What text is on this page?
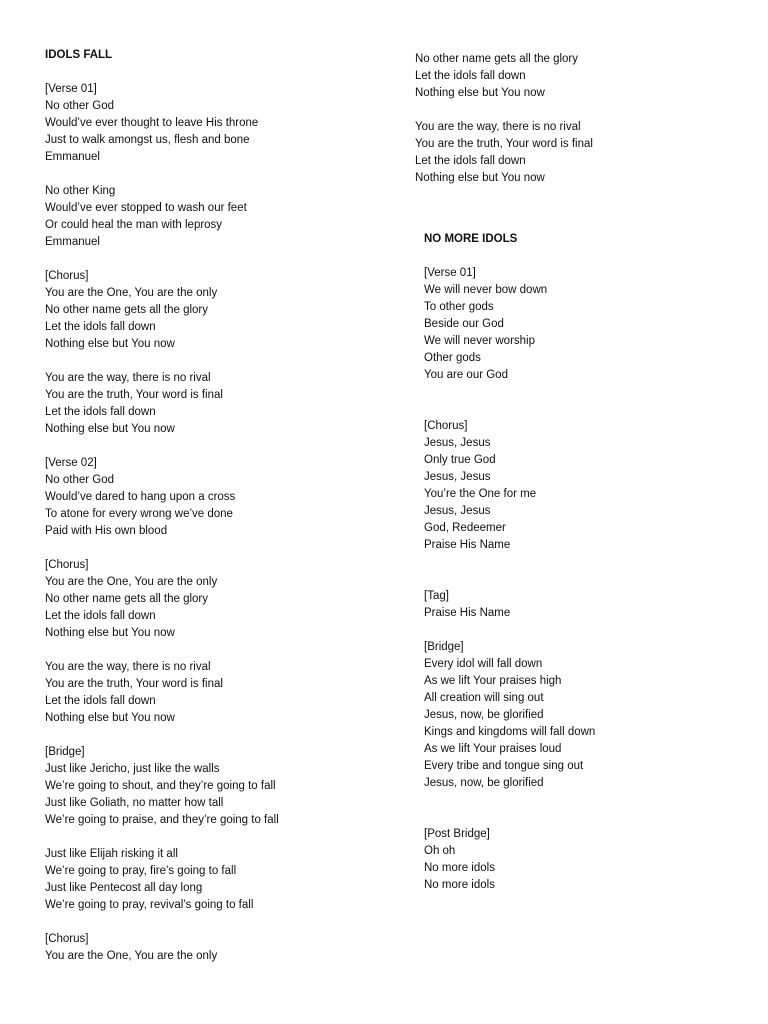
IDOLS FALL
[Verse 01]
No other God
Would’ve ever thought to leave His throne
Just to walk amongst us, flesh and bone
Emmanuel
No other King
Would’ve ever stopped to wash our feet
Or could heal the man with leprosy
Emmanuel
[Chorus]
You are the One, You are the only
No other name gets all the glory
Let the idols fall down
Nothing else but You now
You are the way, there is no rival
You are the truth, Your word is final
Let the idols fall down
Nothing else but You now
[Verse 02]
No other God
Would’ve dared to hang upon a cross
To atone for every wrong we’ve done
Paid with His own blood
[Chorus]
You are the One, You are the only
No other name gets all the glory
Let the idols fall down
Nothing else but You now
You are the way, there is no rival
You are the truth, Your word is final
Let the idols fall down
Nothing else but You now
[Bridge]
Just like Jericho, just like the walls
We’re going to shout, and they’re going to fall
Just like Goliath, no matter how tall
We’re going to praise, and they’re going to fall
Just like Elijah risking it all
We’re going to pray, fire’s going to fall
Just like Pentecost all day long
We’re going to pray, revival’s going to fall
[Chorus]
You are the One, You are the only
No other name gets all the glory
Let the idols fall down
Nothing else but You now
You are the way, there is no rival
You are the truth, Your word is final
Let the idols fall down
Nothing else but You now
NO MORE IDOLS
[Verse 01]
We will never bow down
To other gods
Beside our God
We will never worship
Other gods
You are our God
[Chorus]
Jesus, Jesus
Only true God
Jesus, Jesus
You’re the One for me
Jesus, Jesus
God, Redeemer
Praise His Name
[Tag]
Praise His Name
[Bridge]
Every idol will fall down
As we lift Your praises high
All creation will sing out
Jesus, now, be glorified
Kings and kingdoms will fall down
As we lift Your praises loud
Every tribe and tongue sing out
Jesus, now, be glorified
[Post Bridge]
Oh oh
No more idols
No more idols
